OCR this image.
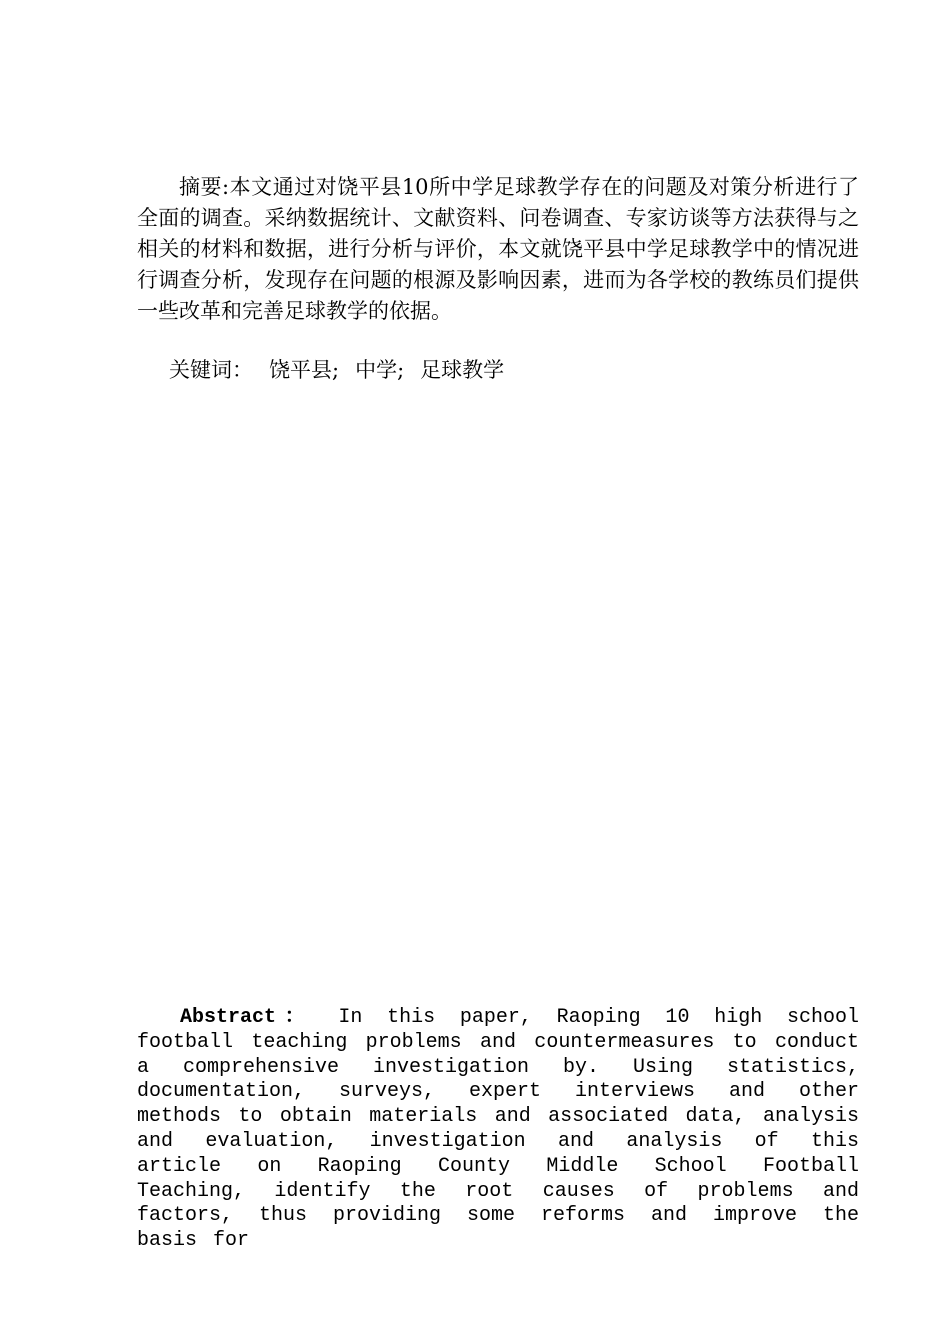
摘要:本文通过对饶平县10所中学足球教学存在的问题及对策分析进行了全面的调查。采纳数据统计、文献资料、问卷调查、专家访谈等方法获得与之相关的材料和数据，进行分析与评价，本文就饶平县中学足球教学中的情况进行调查分析，发现存在问题的根源及影响因素，进而为各学校的教练员们提供一些改革和完善足球教学的依据。

关键词： 饶平县; 中学; 足球教学

Abstract： In this paper, Raoping 10 high school football teaching problems and countermeasures to conduct a comprehensive investigation by. Using statistics, documentation, surveys, expert interviews and other methods to obtain materials and associated data, analysis and evaluation, investigation and analysis of this article on Raoping County Middle School Football Teaching, identify the root causes of problems and factors, thus providing some reforms and improve the basis for
